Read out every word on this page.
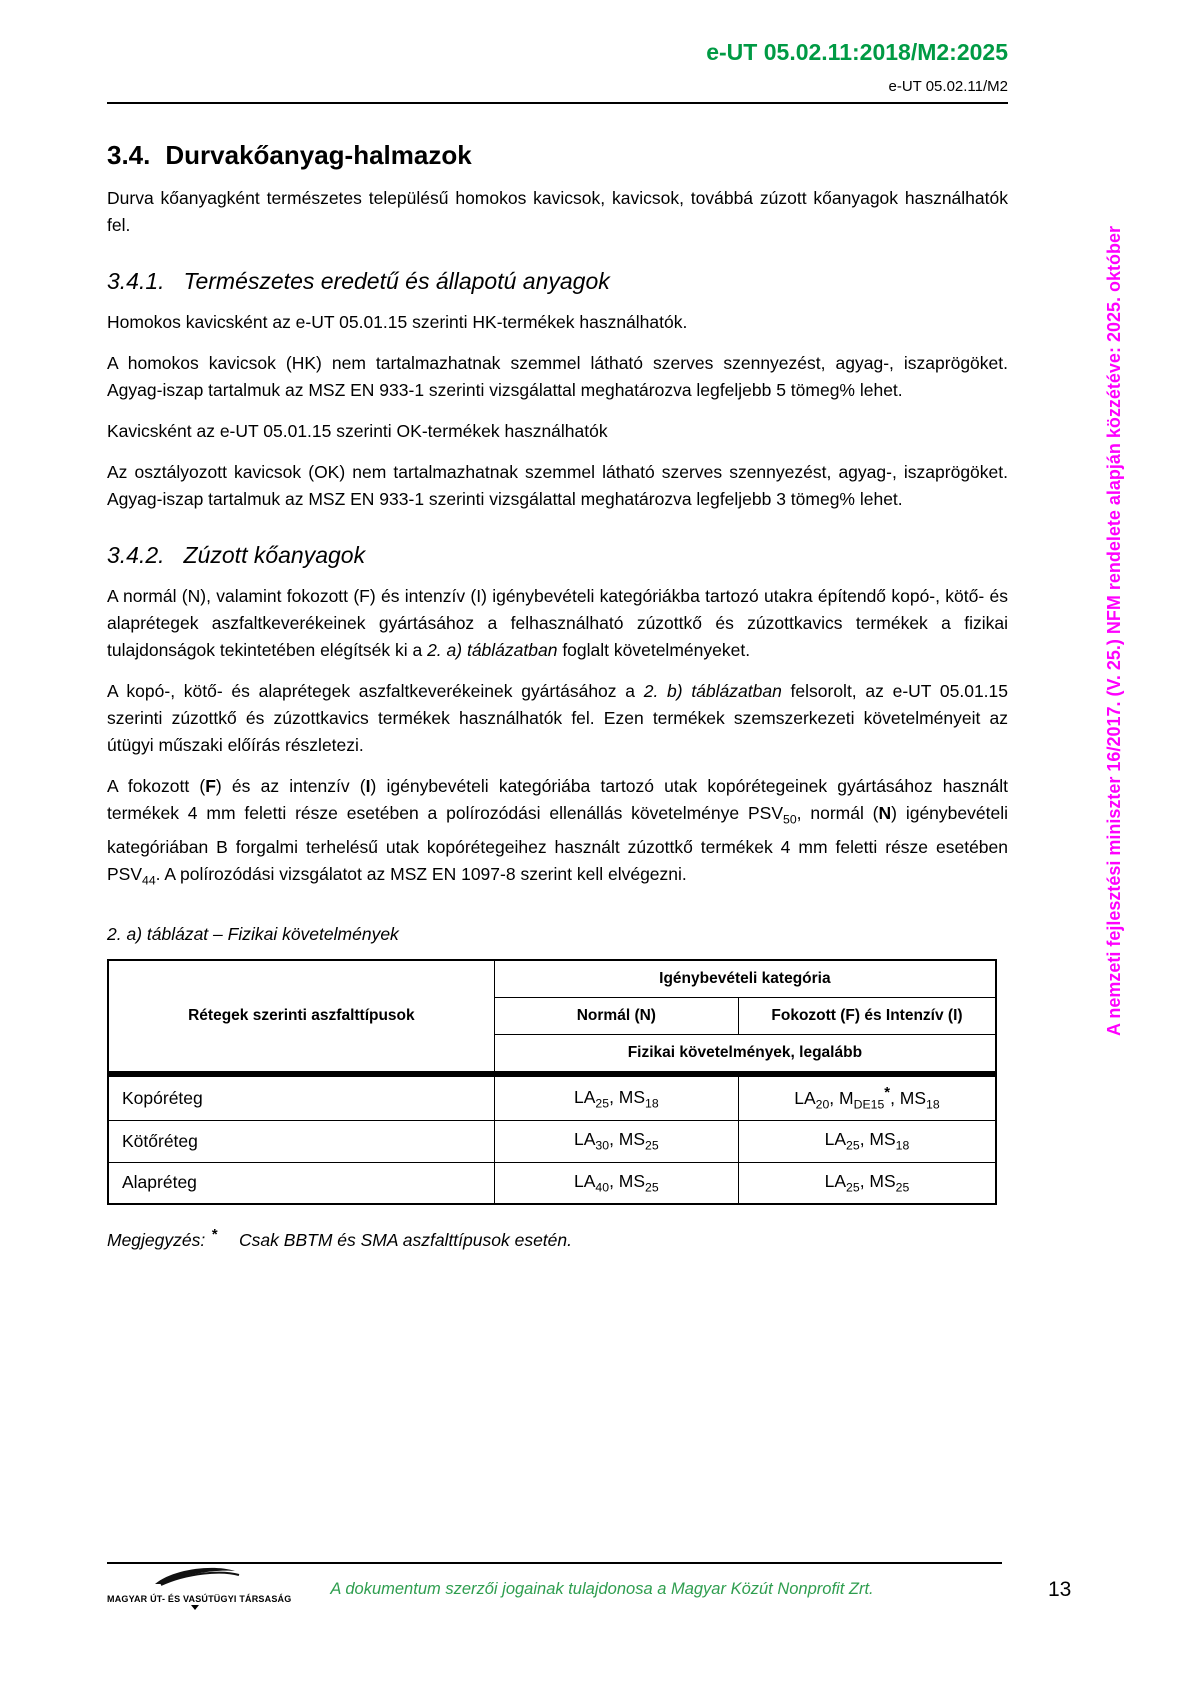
e-UT 05.02.11:2018/M2:2025
e-UT 05.02.11/M2
3.4. Durvakőanyag-halmazok

Durva kőanyagként természetes településű homokos kavicsok, kavicsok, továbbá zúzott kőanyagok használhatók fel.

3.4.1. Természetes eredetű és állapotú anyagok

Homokos kavicsként az e-UT 05.01.15 szerinti HK-termékek használhatók.

A homokos kavicsok (HK) nem tartalmazhatnak szemmel látható szerves szennyezést, agyag-, iszaprögöket. Agyag-iszap tartalmuk az MSZ EN 933-1 szerinti vizsgálattal meghatározva legfeljebb 5 tömeg% lehet.

Kavicsként az e-UT 05.01.15 szerinti OK-termékek használhatók

Az osztályozott kavicsok (OK) nem tartalmazhatnak szemmel látható szerves szennyezést, agyag-, iszaprögöket. Agyag-iszap tartalmuk az MSZ EN 933-1 szerinti vizsgálattal meghatározva legfeljebb 3 tömeg% lehet.

3.4.2. Zúzott kőanyagok

A normál (N), valamint fokozott (F) és intenzív (I) igénybevételi kategóriákba tartozó utakra építendő kopó-, kötő- és alaprétegek aszfaltkeverékeinek gyártásához a felhasználható zúzottkő és zúzottkavics termékek a fizikai tulajdonságok tekintetében elégítsék ki a 2. a) táblázatban foglalt követelményeket.

A kopó-, kötő- és alaprétegek aszfaltkeverékeinek gyártásához a 2. b) táblázatban felsorolt, az e-UT 05.01.15 szerinti zúzottkő és zúzottkavics termékek használhatók fel. Ezen termékek szemszerkezeti követelményeit az útügyi műszaki előírás részletezi.

A fokozott (F) és az intenzív (I) igénybevételi kategóriába tartozó utak kopórétegeinek gyártásához használt termékek 4 mm feletti része esetében a polírozódási ellenállás követelménye $PSV_{50}$, normál (N) igénybevételi kategóriában B forgalmi terhelésű utak kopórétegeihez használt zúzottkő termékek 4 mm feletti része esetében $PSV_{44}$. A polírozódási vizsgálatot az MSZ EN 1097-8 szerint kell elvégezni.

2. a) táblázat – Fizikai követelmények
Rétegek szerinti aszfalttípusok	Igénybevételi kategória	
	Normál (N)	Fokozott (F) és Intenzív (I)
	Fizikai követelmények, legalább	
Kopóréteg	$LA_{25}$, $MS_{18}$	$LA_{20}$, $M_{DE15}^*$, $MS_{18}$
Kötőréteg	$LA_{30}$, $MS_{25}$	$LA_{25}$, $MS_{18}$
Alapréteg	$LA_{40}$, $MS_{25}$	$LA_{25}$, $MS_{25}$
Megjegyzés: * Csak BBTM és SMA aszfalttípusok esetén.
A nemzeti fejlesztési miniszter 16/2017. (V. 25.) NFM rendelete alapján közzétéve: 2025. október
MAGYAR ÚT- ÉS VASÚTÜGYI TÁRSASÁG
A dokumentum szerzői jogainak tulajdonosa a Magyar Közút Nonprofit Zrt.	13
